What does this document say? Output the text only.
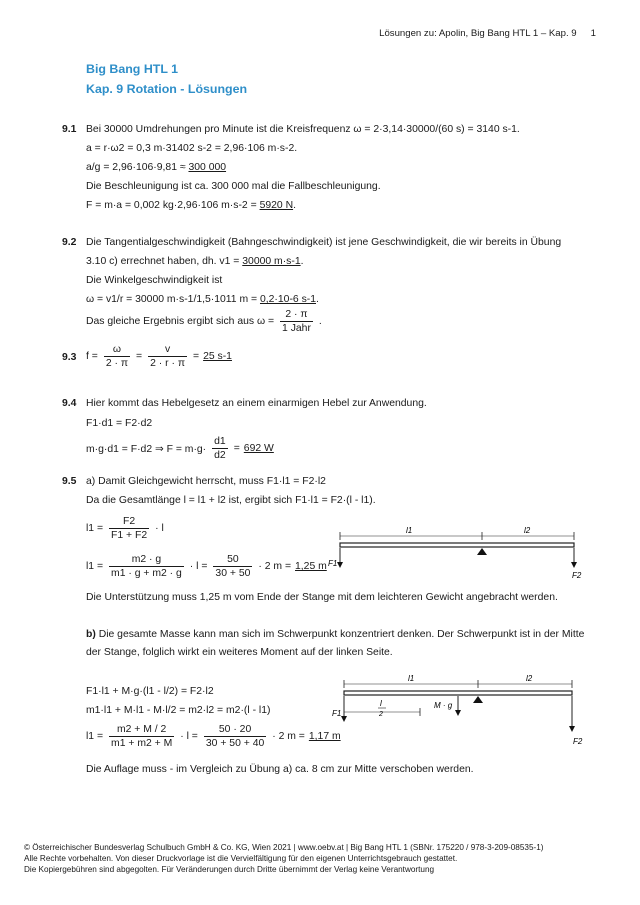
Lösungen zu: Apolin, Big Bang HTL 1 – Kap. 9 1
Big Bang HTL 1
Kap. 9 Rotation - Lösungen
9.1 Bei 30000 Umdrehungen pro Minute ist die Kreisfrequenz ω = 2·3,14·30000/(60 s) = 3140 s-1.
a = r·ω2 = 0,3 m·31402 s-2 = 2,96·106 m·s-2.
a/g = 2,96·106·9,81 ≈ 300 000
Die Beschleunigung ist ca. 300 000 mal die Fallbeschleunigung.
F = m·a = 0,002 kg·2,96·106 m·s-2 = 5920 N.
9.2 Die Tangentialgeschwindigkeit (Bahngeschwindigkeit) ist jene Geschwindigkeit, die wir bereits in Übung
3.10 c) errechnet haben, dh. v1 = 30000 m·s-1.
Die Winkelgeschwindigkeit ist
ω = v1/r = 30000 m·s-1/1,5·1011 m = 0,2·10-6 s-1.
Das gleiche Ergebnis ergibt sich aus $\omega = \frac{2 \cdot \pi}{\text{1 Jahr}}$ .
9.3 $f = \frac{\omega}{2 \cdot \pi} = \frac{v}{2 \cdot r \cdot \pi} = 25$ s-1
9.4 Hier kommt das Hebelgesetz an einem einarmigen Hebel zur Anwendung.
F1·d1 = F2·d2
m·g·d1 = F·d2 ⇒ $F = m\cdot g\cdot \frac{d1}{d2} = 692$ W
9.5 a) Damit Gleichgewicht herrscht, muss F1·l1 = F2·l2
Da die Gesamtlänge l = l1 + l2 ist, ergibt sich F1·l1 = F2·(l - l1).
$l1 = \frac{F2}{F1 + F2} \cdot l$
$l1 = \frac{m2 \cdot g}{m1 \cdot g + m2 \cdot g} \cdot l = \frac{50}{30 + 50} \cdot 2$ m = 1,25 m
l1	l2
F1
F2
Die Unterstützung muss 1,25 m vom Ende der Stange mit dem leichteren Gewicht angebracht werden.
b) Die gesamte Masse kann man sich im Schwerpunkt konzentriert denken. Der Schwerpunkt ist in der Mitte der Stange, folglich wirkt ein weiteres Moment auf der linken Seite.
F1·l1 + M·g·(l1 - l/2) = F2·l2
m1·l1 + M·l1 - M·l/2 = m2·l2 = m2·(l - l1)
$l1 = \frac{m2 + M / 2}{m1 + m2 + M} \cdot l = \frac{50 \cdot 20}{30 + 50 + 40} \cdot 2$ m = 1,17 m
l1	l2
M · g
l
2
F1
F2
Die Auflage muss - im Vergleich zu Übung a) ca. 8 cm zur Mitte verschoben werden.
© Österreichischer Bundesverlag Schulbuch GmbH & Co. KG, Wien 2021 | www.oebv.at | Big Bang HTL 1 (SBNr. 175220 / 978-3-209-08535-1)
Alle Rechte vorbehalten. Von dieser Druckvorlage ist die Vervielfältigung für den eigenen Unterrichtsgebrauch gestattet.
Die Kopiergebühren sind abgegolten. Für Veränderungen durch Dritte übernimmt der Verlag keine Verantwortung
